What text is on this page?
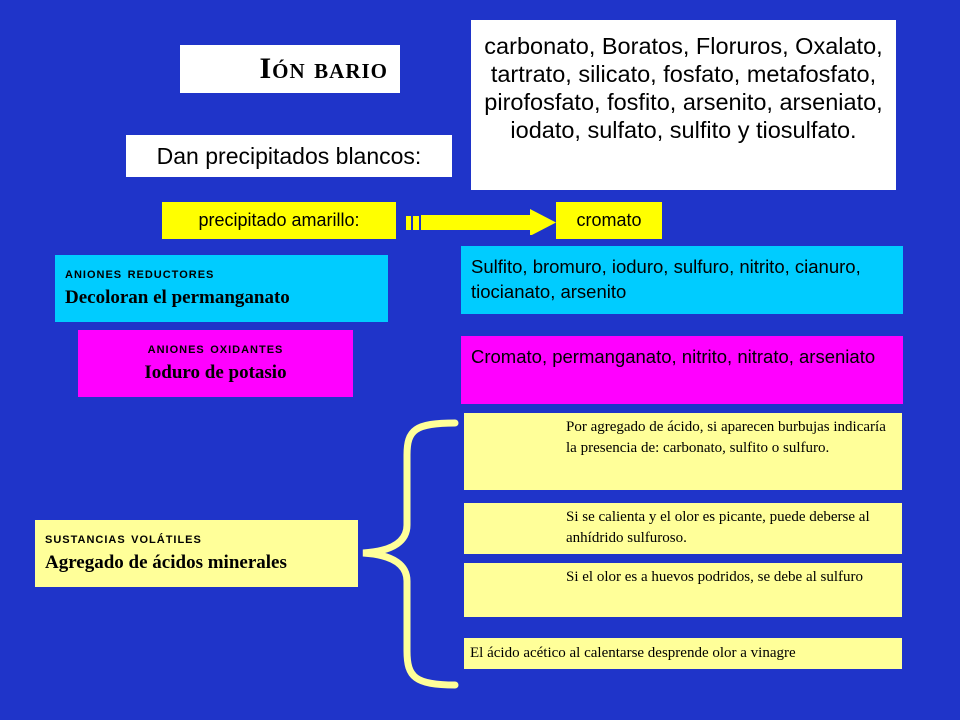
Ión bario
carbonato, Boratos, Floruros, Oxalato, tartrato, silicato, fosfato, metafosfato, pirofosfato, fosfito, arsenito, arseniato, iodato, sulfato, sulfito y tiosulfato.
Dan precipitados blancos:
precipitado amarillo:	cromato
aniones reductores
Decoloran el permanganato
Sulfito, bromuro, ioduro, sulfuro, nitrito, cianuro, tiocianato, arsenito
aniones oxidantes
Ioduro de potasio
Cromato, permanganato, nitrito, nitrato, arseniato
sustancias volátiles
Agregado de ácidos minerales
Por agregado de ácido, si aparecen burbujas indicaría la presencia de: carbonato, sulfito o sulfuro.
Si se calienta y el olor es picante, puede deberse al anhídrido sulfuroso.
Si el olor es a huevos podridos, se debe al sulfuro
El ácido acético al calentarse desprende olor a vinagre
